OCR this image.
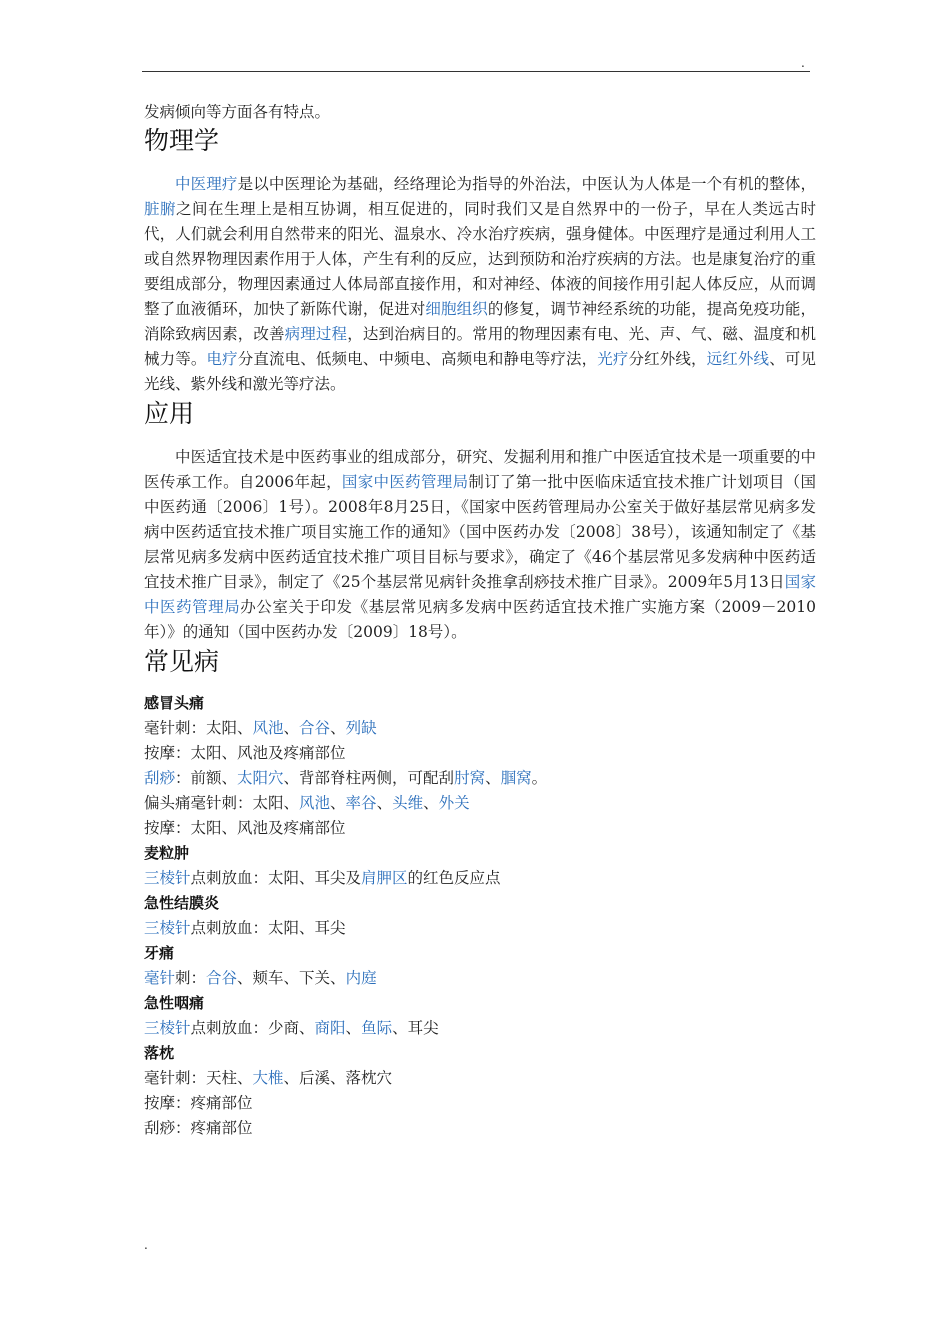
.

发病倾向等方面各有特点。

物理学

中医理疗是以中医理论为基础，经络理论为指导的外治法，中医认为人体是一个有机的整体，脏腑之间在生理上是相互协调，相互促进的，同时我们又是自然界中的一份子，早在人类远古时代，人们就会利用自然带来的阳光、温泉水、冷水治疗疾病，强身健体。中医理疗是通过利用人工或自然界物理因素作用于人体，产生有利的反应，达到预防和治疗疾病的方法。也是康复治疗的重要组成部分，物理因素通过人体局部直接作用，和对神经、体液的间接作用引起人体反应，从而调整了血液循环，加快了新陈代谢，促进对细胞组织的修复，调节神经系统的功能，提高免疫功能，消除致病因素，改善病理过程，达到治病目的。常用的物理因素有电、光、声、气、磁、温度和机械力等。电疗分直流电、低频电、中频电、高频电和静电等疗法，光疗分红外线，远红外线、可见光线、紫外线和激光等疗法。

应用

中医适宜技术是中医药事业的组成部分，研究、发掘利用和推广中医适宜技术是一项重要的中医传承工作。自2006年起，国家中医药管理局制订了第一批中医临床适宜技术推广计划项目（国中医药通〔2006〕1号）。2008年8月25日，《国家中医药管理局办公室关于做好基层常见病多发病中医药适宜技术推广项目实施工作的通知》（国中医药办发〔2008〕38号），该通知制定了《基层常见病多发病中医药适宜技术推广项目目标与要求》，确定了《46个基层常见多发病种中医药适宜技术推广目录》，制定了《25个基层常见病针灸推拿刮痧技术推广目录》。2009年5月13日国家中医药管理局办公室关于印发《基层常见病多发病中医药适宜技术推广实施方案（2009－2010年）》的通知（国中医药办发〔2009〕18号）。

常见病

感冒头痛

毫针刺：太阳、风池、合谷、列缺

按摩：太阳、风池及疼痛部位

刮痧：前额、太阳穴、背部脊柱两侧，可配刮肘窝、腘窝。

偏头痛毫针刺：太阳、风池、率谷、头维、外关

按摩：太阳、风池及疼痛部位

麦粒肿

三棱针点刺放血：太阳、耳尖及肩胛区的红色反应点

急性结膜炎

三棱针点刺放血：太阳、耳尖

牙痛

毫针刺：合谷、颊车、下关、内庭

急性咽痛

三棱针点刺放血：少商、商阳、鱼际、耳尖

落枕

毫针刺：天柱、大椎、后溪、落枕穴

按摩：疼痛部位

刮痧：疼痛部位

.
